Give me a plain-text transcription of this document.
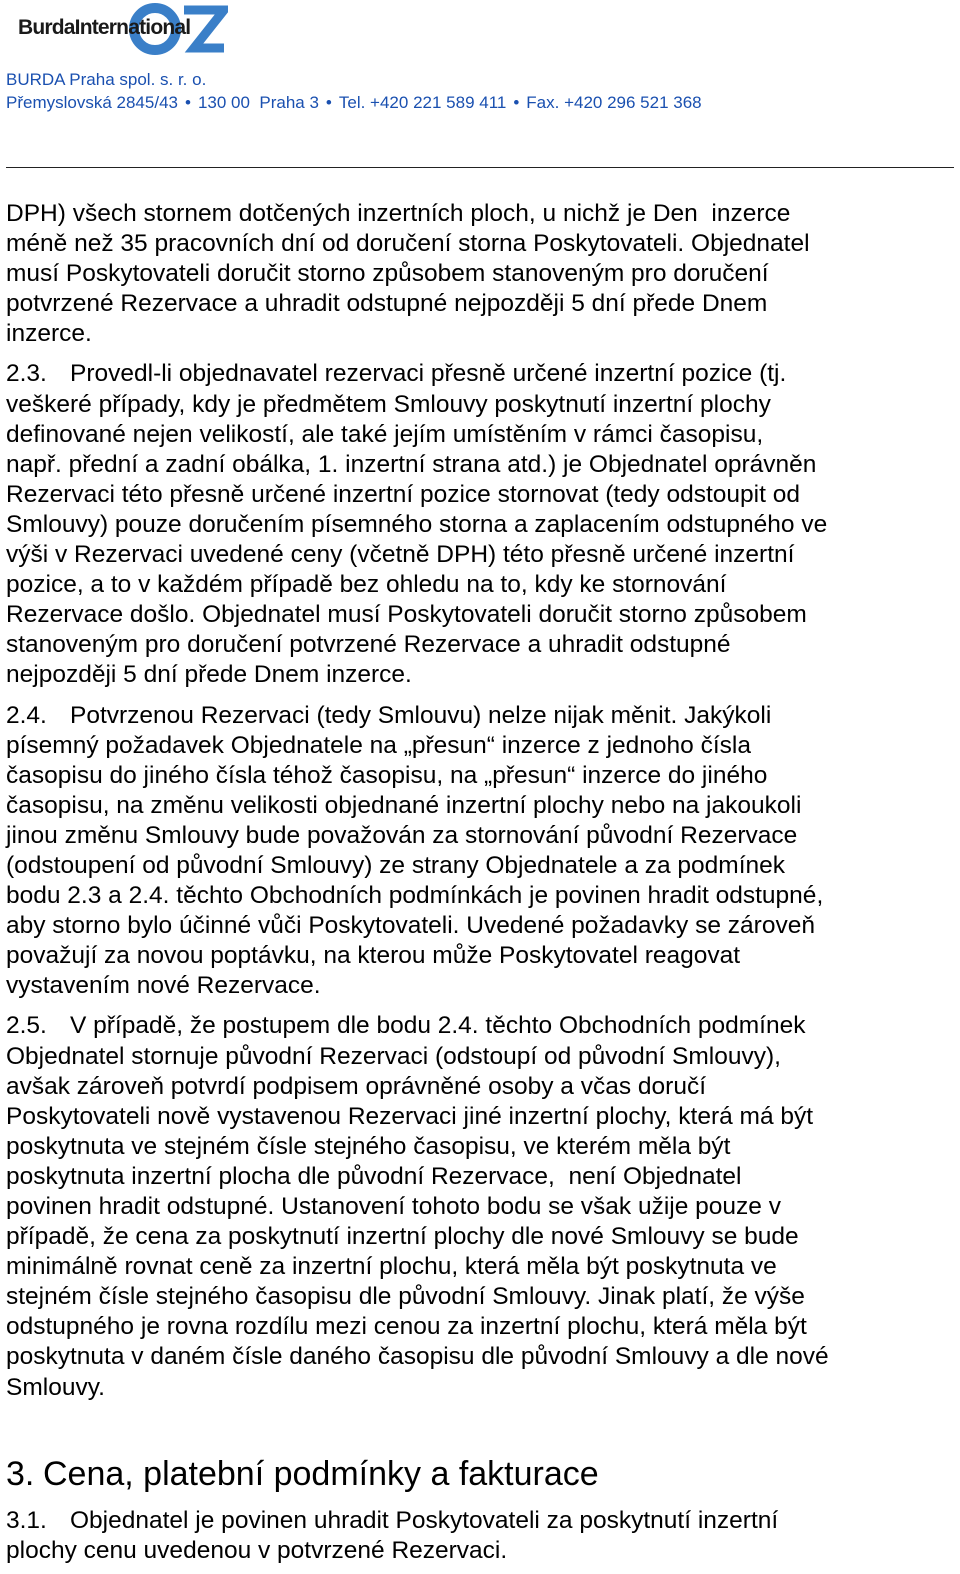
BurdaInternational
BURDA Praha spol. s. r. o.
Přemyslovská 2845/43 • 130 00  Praha 3 • Tel. +420 221 589 411 • Fax. +420 296 521 368

DPH) všech stornem dotčených inzertních ploch, u nichž je Den  inzerce
méně než 35 pracovních dní od doručení storna Poskytovateli. Objednatel
musí Poskytovateli doručit storno způsobem stanoveným pro doručení
potvrzené Rezervace a uhradit odstupné nejpozději 5 dní přede Dnem
inzerce.

2.3. Provedl-li objednavatel rezervaci přesně určené inzertní pozice (tj.
veškeré případy, kdy je předmětem Smlouvy poskytnutí inzertní plochy
definované nejen velikostí, ale také jejím umístěním v rámci časopisu,
např. přední a zadní obálka, 1. inzertní strana atd.) je Objednatel oprávněn
Rezervaci této přesně určené inzertní pozice stornovat (tedy odstoupit od
Smlouvy) pouze doručením písemného storna a zaplacením odstupného ve
výši v Rezervaci uvedené ceny (včetně DPH) této přesně určené inzertní
pozice, a to v každém případě bez ohledu na to, kdy ke stornování
Rezervace došlo. Objednatel musí Poskytovateli doručit storno způsobem
stanoveným pro doručení potvrzené Rezervace a uhradit odstupné
nejpozději 5 dní přede Dnem inzerce.

2.4. Potvrzenou Rezervaci (tedy Smlouvu) nelze nijak měnit. Jakýkoli
písemný požadavek Objednatele na „přesun“ inzerce z jednoho čísla
časopisu do jiného čísla téhož časopisu, na „přesun“ inzerce do jiného
časopisu, na změnu velikosti objednané inzertní plochy nebo na jakoukoli
jinou změnu Smlouvy bude považován za stornování původní Rezervace
(odstoupení od původní Smlouvy) ze strany Objednatele a za podmínek
bodu 2.3 a 2.4. těchto Obchodních podmínkách je povinen hradit odstupné,
aby storno bylo účinné vůči Poskytovateli. Uvedené požadavky se zároveň
považují za novou poptávku, na kterou může Poskytovatel reagovat
vystavením nové Rezervace.

2.5. V případě, že postupem dle bodu 2.4. těchto Obchodních podmínek
Objednatel stornuje původní Rezervaci (odstoupí od původní Smlouvy),
avšak zároveň potvrdí podpisem oprávněné osoby a včas doručí
Poskytovateli nově vystavenou Rezervaci jiné inzertní plochy, která má být
poskytnuta ve stejném čísle stejného časopisu, ve kterém měla být
poskytnuta inzertní plocha dle původní Rezervace,  není Objednatel
povinen hradit odstupné. Ustanovení tohoto bodu se však užije pouze v
případě, že cena za poskytnutí inzertní plochy dle nové Smlouvy se bude
minimálně rovnat ceně za inzertní plochu, která měla být poskytnuta ve
stejném čísle stejného časopisu dle původní Smlouvy. Jinak platí, že výše
odstupného je rovna rozdílu mezi cenou za inzertní plochu, která měla být
poskytnuta v daném čísle daného časopisu dle původní Smlouvy a dle nové
Smlouvy.

3. Cena, platební podmínky a fakturace
3.1. Objednatel je povinen uhradit Poskytovateli za poskytnutí inzertní
plochy cenu uvedenou v potvrzené Rezervaci.
